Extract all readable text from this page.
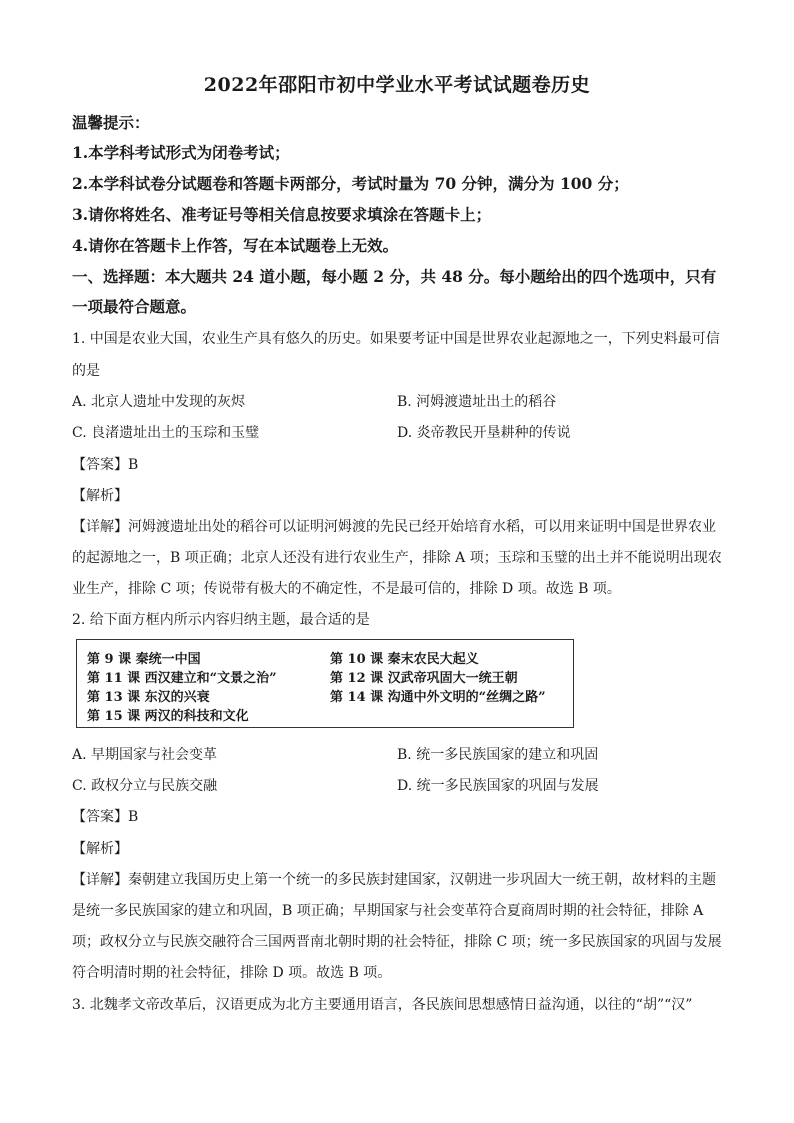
2022年邵阳市初中学业水平考试试题卷历史
温馨提示：
1.本学科考试形式为闭卷考试；
2.本学科试卷分试题卷和答题卡两部分，考试时量为 70 分钟，满分为 100 分；
3.请你将姓名、准考证号等相关信息按要求填涂在答题卡上；
4.请你在答题卡上作答，写在本试题卷上无效。
一、选择题：本大题共 24 道小题，每小题 2 分，共 48 分。每小题给出的四个选项中，只有
一项最符合题意。
1. 中国是农业大国，农业生产具有悠久的历史。如果要考证中国是世界农业起源地之一，下列史料最可信
的是
A. 北京人遗址中发现的灰烬	B. 河姆渡遗址出土的稻谷
C. 良渚遗址出土的玉琮和玉璧	D. 炎帝教民开垦耕种的传说
【答案】B
【解析】
【详解】河姆渡遗址出处的稻谷可以证明河姆渡的先民已经开始培育水稻，可以用来证明中国是世界农业
的起源地之一，B 项正确；北京人还没有进行农业生产，排除 A 项；玉琮和玉璧的出土并不能说明出现农
业生产，排除 C 项；传说带有极大的不确定性，不是最可信的，排除 D 项。故选 B 项。
2. 给下面方框内所示内容归纳主题，最合适的是
第 9 课 秦统一中国	第 10 课 秦末农民大起义
第 11 课 西汉建立和“文景之治”	第 12 课 汉武帝巩固大一统王朝
第 13 课 东汉的兴衰	第 14 课 沟通中外文明的“丝绸之路”
第 15 课 两汉的科技和文化
A. 早期国家与社会变革	B. 统一多民族国家的建立和巩固
C. 政权分立与民族交融	D. 统一多民族国家的巩固与发展
【答案】B
【解析】
【详解】秦朝建立我国历史上第一个统一的多民族封建国家，汉朝进一步巩固大一统王朝，故材料的主题
是统一多民族国家的建立和巩固，B 项正确；早期国家与社会变革符合夏商周时期的社会特征，排除 A
项；政权分立与民族交融符合三国两晋南北朝时期的社会特征，排除 C 项；统一多民族国家的巩固与发展
符合明清时期的社会特征，排除 D 项。故选 B 项。
3. 北魏孝文帝改革后，汉语更成为北方主要通用语言，各民族间思想感情日益沟通，以往的“胡”“汉”
